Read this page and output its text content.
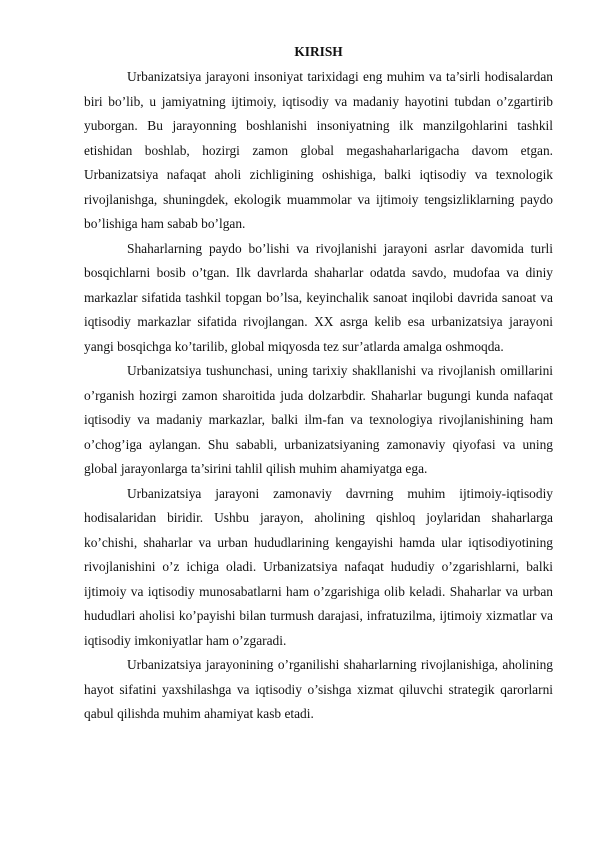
KIRISH

Urbanizatsiya jarayoni insoniyat tarixidagi eng muhim va ta’sirli hodisalardan biri bo’lib, u jamiyatning ijtimoiy, iqtisodiy va madaniy hayotini tubdan o’zgartirib yuborgan. Bu jarayonning boshlanishi insoniyatning ilk manzilgohlarini tashkil etishidan boshlab, hozirgi zamon global megashaharlarigacha davom etgan. Urbanizatsiya nafaqat aholi zichligining oshishiga, balki iqtisodiy va texnologik rivojlanishga, shuningdek, ekologik muammolar va ijtimoiy tengsizliklarning paydo bo’lishiga ham sabab bo’lgan.

Shaharlarning paydo bo’lishi va rivojlanishi jarayoni asrlar davomida turli bosqichlarni bosib o’tgan. Ilk davrlarda shaharlar odatda savdo, mudofaa va diniy markazlar sifatida tashkil topgan bo’lsa, keyinchalik sanoat inqilobi davrida sanoat va iqtisodiy markazlar sifatida rivojlangan. XX asrga kelib esa urbanizatsiya jarayoni yangi bosqichga ko’tarilib, global miqyosda tez sur’atlarda amalga oshmoqda.

Urbanizatsiya tushunchasi, uning tarixiy shakllanishi va rivojlanish omillarini o’rganish hozirgi zamon sharoitida juda dolzarbdir. Shaharlar bugungi kunda nafaqat iqtisodiy va madaniy markazlar, balki ilm-fan va texnologiya rivojlanishining ham o’chog’iga aylangan. Shu sababli, urbanizatsiyaning zamonaviy qiyofasi va uning global jarayonlarga ta’sirini tahlil qilish muhim ahamiyatga ega.

Urbanizatsiya jarayoni zamonaviy davrning muhim ijtimoiy-iqtisodiy hodisalaridan biridir. Ushbu jarayon, aholining qishloq joylaridan shaharlarga ko’chishi, shaharlar va urban hududlarining kengayishi hamda ular iqtisodiyotining rivojlanishini o’z ichiga oladi. Urbanizatsiya nafaqat hududiy o’zgarishlarni, balki ijtimoiy va iqtisodiy munosabatlarni ham o’zgarishiga olib keladi. Shaharlar va urban hududlari aholisi ko’payishi bilan turmush darajasi, infratuzilma, ijtimoiy xizmatlar va iqtisodiy imkoniyatlar ham o’zgaradi.

Urbanizatsiya jarayonining o’rganilishi shaharlarning rivojlanishiga, aholining hayot sifatini yaxshilashga va iqtisodiy o’sishga xizmat qiluvchi strategik qarorlarni qabul qilishda muhim ahamiyat kasb etadi.
